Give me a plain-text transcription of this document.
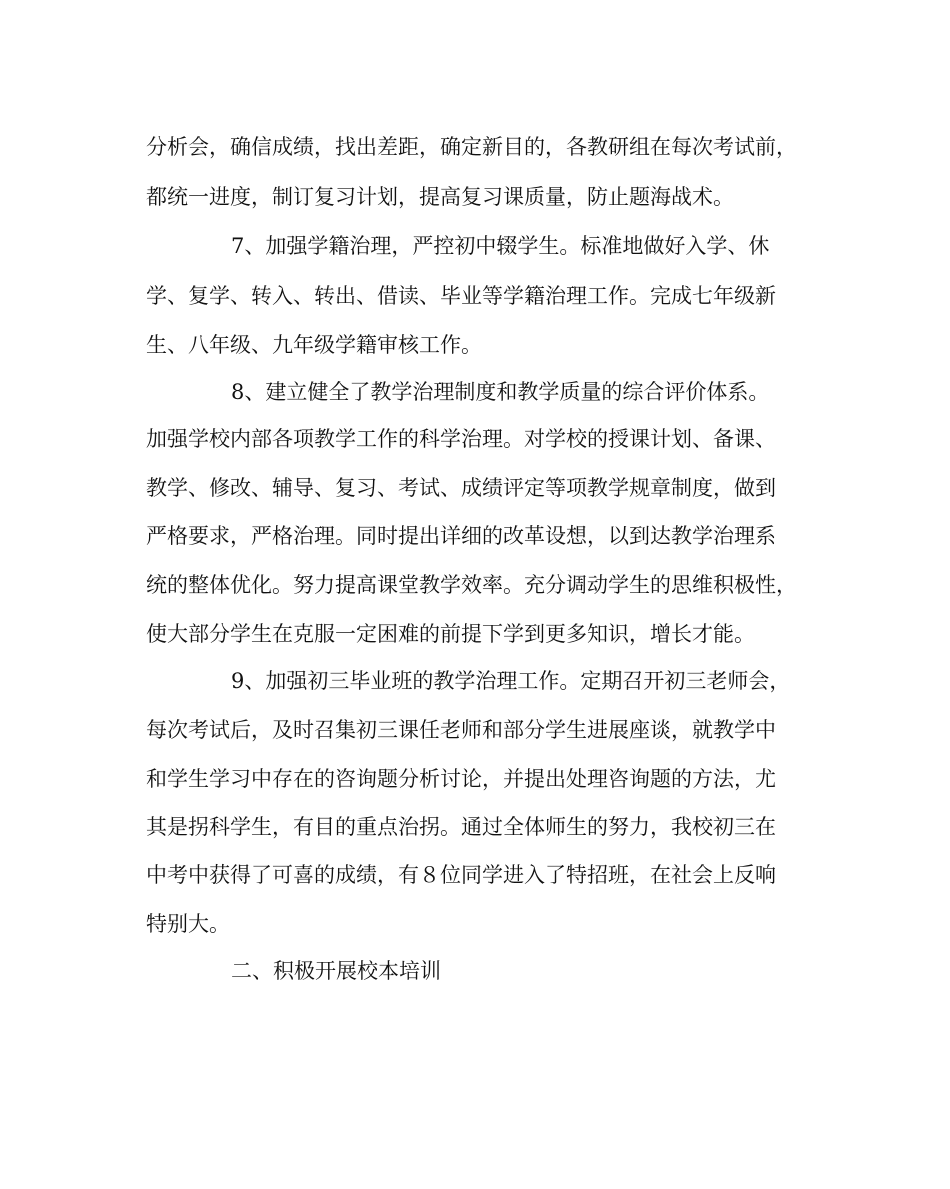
分析会，确信成绩，找出差距，确定新目的，各教研组在每次考试前，
都统一进度，制订复习计划，提高复习课质量，防止题海战术。
7、加强学籍治理，严控初中辍学生。标准地做好入学、休
学、复学、转入、转出、借读、毕业等学籍治理工作。完成七年级新
生、八年级、九年级学籍审核工作。
8、建立健全了教学治理制度和教学质量的综合评价体系。
加强学校内部各项教学工作的科学治理。对学校的授课计划、备课、
教学、修改、辅导、复习、考试、成绩评定等项教学规章制度，做到
严格要求，严格治理。同时提出详细的改革设想，以到达教学治理系
统的整体优化。努力提高课堂教学效率。充分调动学生的思维积极性，
使大部分学生在克服一定困难的前提下学到更多知识，增长才能。
9、加强初三毕业班的教学治理工作。定期召开初三老师会，
每次考试后，及时召集初三课任老师和部分学生进展座谈，就教学中
和学生学习中存在的咨询题分析讨论，并提出处理咨询题的方法，尤
其是拐科学生，有目的重点治拐。通过全体师生的努力，我校初三在
中考中获得了可喜的成绩，有８位同学进入了特招班，在社会上反响
特别大。
二、积极开展校本培训
